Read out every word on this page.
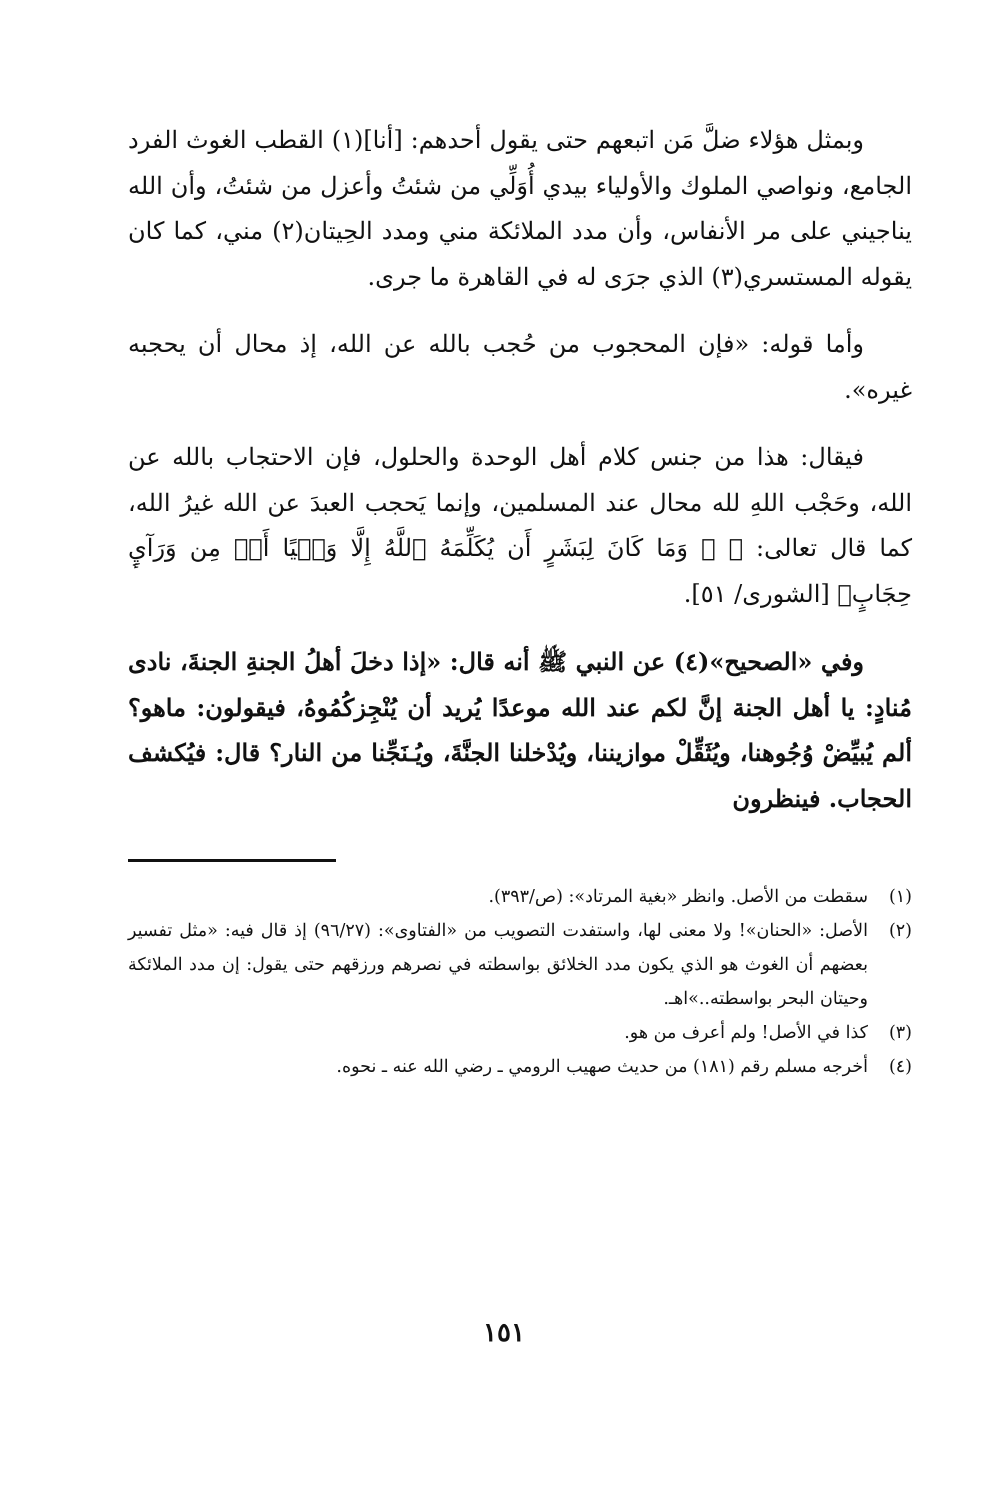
وبمثل هؤلاء ضلَّ مَن اتبعهم حتى يقول أحدهم: [أنا](١) القطب الغوث الفرد الجامع، ونواصي الملوك والأولياء بيدي أُوَلِّي من شئتُ وأعزل من شئتُ، وأن الله يناجيني على مر الأنفاس، وأن مدد الملائكة مني ومدد الحِيتان(٢) مني، كما كان يقوله المستسري(٣) الذي جرَى له في القاهرة ما جرى.

وأما قوله: «فإن المحجوب من حُجب بالله عن الله، إذ محال أن يحجبه غيره».

فيقال: هذا من جنس كلام أهل الوحدة والحلول، فإن الاحتجاب بالله عن الله، وحَجْب اللهِ لله محال عند المسلمين، وإنما يَحجب العبدَ عن الله غيرُ الله، كما قال تعالى: ﴿ ۞ وَمَا كَانَ لِبَشَرٍ أَن يُكَلِّمَهُ ٱللَّهُ إِلَّا وَحۡيًا أَوۡ مِن وَرَآيِٕ حِجَابٍ﴾ [الشورى/ ٥١].

وفي «الصحيح»(٤) عن النبي ﷺ أنه قال: «إذا دخلَ أهلُ الجنةِ الجنةَ، نادى مُنادٍ: يا أهل الجنة إنَّ لكم عند الله موعدًا يُريد أن يُنْجِزكُمُوهُ، فيقولون: ماهو؟ ألم يُبيِّضْ وُجُوهنا، ويُثَقِّلْ موازيننا، ويُدْخلنا الجنَّةَ، ويُـنَجِّنا من النار؟ قال: فيُكشف الحجاب. فينظرون

(١)
سقطت من الأصل. وانظر «بغية المرتاد»: (ص/٣٩٣).
(٢)
الأصل: «الحنان»! ولا معنى لها، واستفدت التصويب من «الفتاوى»: (٩٦/٢٧) إذ قال فيه: «مثل تفسير بعضهم أن الغوث هو الذي يكون مدد الخلائق بواسطته في نصرهم ورزقهم حتى يقول: إن مدد الملائكة وحيتان البحر بواسطته..»اهـ.
(٣)
كذا في الأصل! ولم أعرف من هو.
(٤)
أخرجه مسلم رقم (١٨١) من حديث صهيب الرومي ـ رضي الله عنه ـ نحوه.
١٥١
